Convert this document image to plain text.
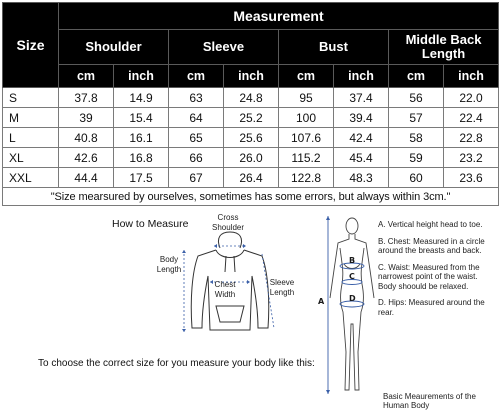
Size	Measurement							
	Shoulder		Sleeve		Bust		Middle Back Length	
	cm	inch	cm	inch	cm	inch	cm	inch
S	37.8	14.9	63	24.8	95	37.4	56	22.0
M	39	15.4	64	25.2	100	39.4	57	22.4
L	40.8	16.1	65	25.6	107.6	42.4	58	22.8
XL	42.6	16.8	66	26.0	115.2	45.4	59	23.2
XXL	44.4	17.5	67	26.4	122.8	48.3	60	23.6
"Size mearsured by ourselves, sometimes has some errors, but always within 3cm."								
How to Measure
Cross
Shoulder
Body
Length
Sleeve
Length
Chest
Width
To choose the correct size for you measure your body like this:
A
B
C
D

A. Vertical height head to toe.

B. Chest: Measured in a circle around the breasts and back.

C. Waist: Measured from the narrowest point of the waist. Body shoould be relaxed.

D. Hips: Measured around the rear.

Basic Meaurements of the Human Body
